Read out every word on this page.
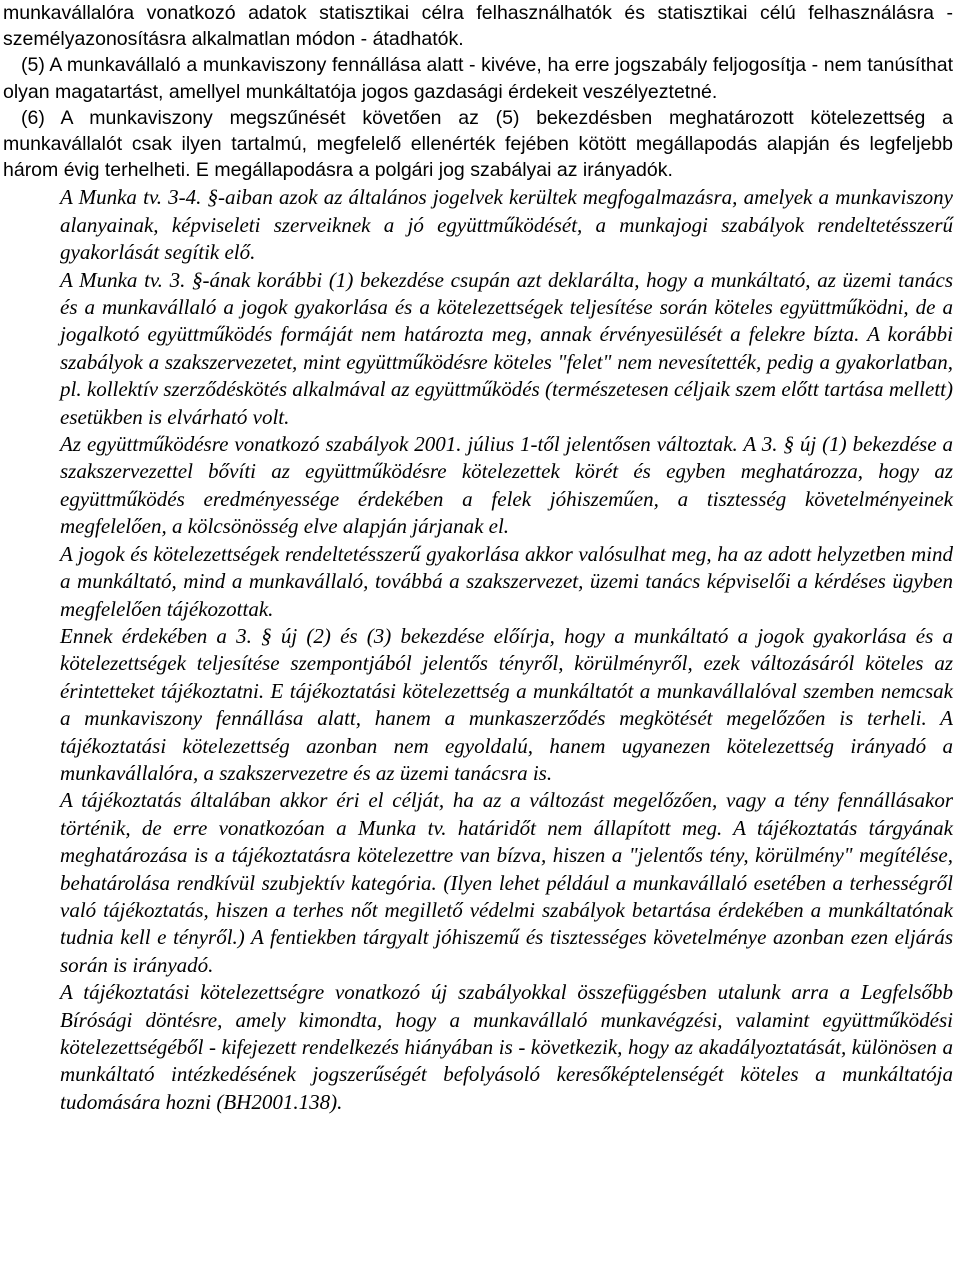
munkavállalóra vonatkozó adatok statisztikai célra felhasználhatók és statisztikai célú felhasználásra - személyazonosításra alkalmatlan módon - átadhatók.

(5) A munkavállaló a munkaviszony fennállása alatt - kivéve, ha erre jogszabály feljogosítja - nem tanúsíthat olyan magatartást, amellyel munkáltatója jogos gazdasági érdekeit veszélyeztetné.

(6) A munkaviszony megszűnését követően az (5) bekezdésben meghatározott kötelezettség a munkavállalót csak ilyen tartalmú, megfelelő ellenérték fejében kötött megállapodás alapján és legfeljebb három évig terhelheti. E megállapodásra a polgári jog szabályai az irányadók.

A Munka tv. 3-4. §-aiban azok az általános jogelvek kerültek megfogalmazásra, amelyek a munkaviszony alanyainak, képviseleti szerveiknek a jó együttműködését, a munkajogi szabályok rendeltetésszerű gyakorlását segítik elő.

A Munka tv. 3. §-ának korábbi (1) bekezdése csupán azt deklarálta, hogy a munkáltató, az üzemi tanács és a munkavállaló a jogok gyakorlása és a kötelezettségek teljesítése során köteles együttműködni, de a jogalkotó együttműködés formáját nem határozta meg, annak érvényesülését a felekre bízta. A korábbi szabályok a szakszervezetet, mint együttműködésre köteles "felet" nem nevesítették, pedig a gyakorlatban, pl. kollektív szerződéskötés alkalmával az együttműködés (természetesen céljaik szem előtt tartása mellett) esetükben is elvárható volt.

Az együttműködésre vonatkozó szabályok 2001. július 1-től jelentősen változtak. A 3. § új (1) bekezdése a szakszervezettel bővíti az együttműködésre kötelezettek körét és egyben meghatározza, hogy az együttműködés eredményessége érdekében a felek jóhiszeműen, a tisztesség követelményeinek megfelelően, a kölcsönösség elve alapján járjanak el.

A jogok és kötelezettségek rendeltetésszerű gyakorlása akkor valósulhat meg, ha az adott helyzetben mind a munkáltató, mind a munkavállaló, továbbá a szakszervezet, üzemi tanács képviselői a kérdéses ügyben megfelelően tájékozottak.

Ennek érdekében a 3. § új (2) és (3) bekezdése előírja, hogy a munkáltató a jogok gyakorlása és a kötelezettségek teljesítése szempontjából jelentős tényről, körülményről, ezek változásáról köteles az érintetteket tájékoztatni. E tájékoztatási kötelezettség a munkáltatót a munkavállalóval szemben nemcsak a munkaviszony fennállása alatt, hanem a munkaszerződés megkötését megelőzően is terheli. A tájékoztatási kötelezettség azonban nem egyoldalú, hanem ugyanezen kötelezettség irányadó a munkavállalóra, a szakszervezetre és az üzemi tanácsra is.

A tájékoztatás általában akkor éri el célját, ha az a változást megelőzően, vagy a tény fennállásakor történik, de erre vonatkozóan a Munka tv. határidőt nem állapított meg. A tájékoztatás tárgyának meghatározása is a tájékoztatásra kötelezettre van bízva, hiszen a "jelentős tény, körülmény" megítélése, behatárolása rendkívül szubjektív kategória. (Ilyen lehet például a munkavállaló esetében a terhességről való tájékoztatás, hiszen a terhes nőt megillető védelmi szabályok betartása érdekében a munkáltatónak tudnia kell e tényről.) A fentiekben tárgyalt jóhiszemű és tisztességes követelménye azonban ezen eljárás során is irányadó.

A tájékoztatási kötelezettségre vonatkozó új szabályokkal összefüggésben utalunk arra a Legfelsőbb Bírósági döntésre, amely kimondta, hogy a munkavállaló munkavégzési, valamint együttműködési kötelezettségéből - kifejezett rendelkezés hiányában is - következik, hogy az akadályoztatását, különösen a munkáltató intézkedésének jogszerűségét befolyásoló keresőképtelenségét köteles a munkáltatója tudomására hozni (BH2001.138).
